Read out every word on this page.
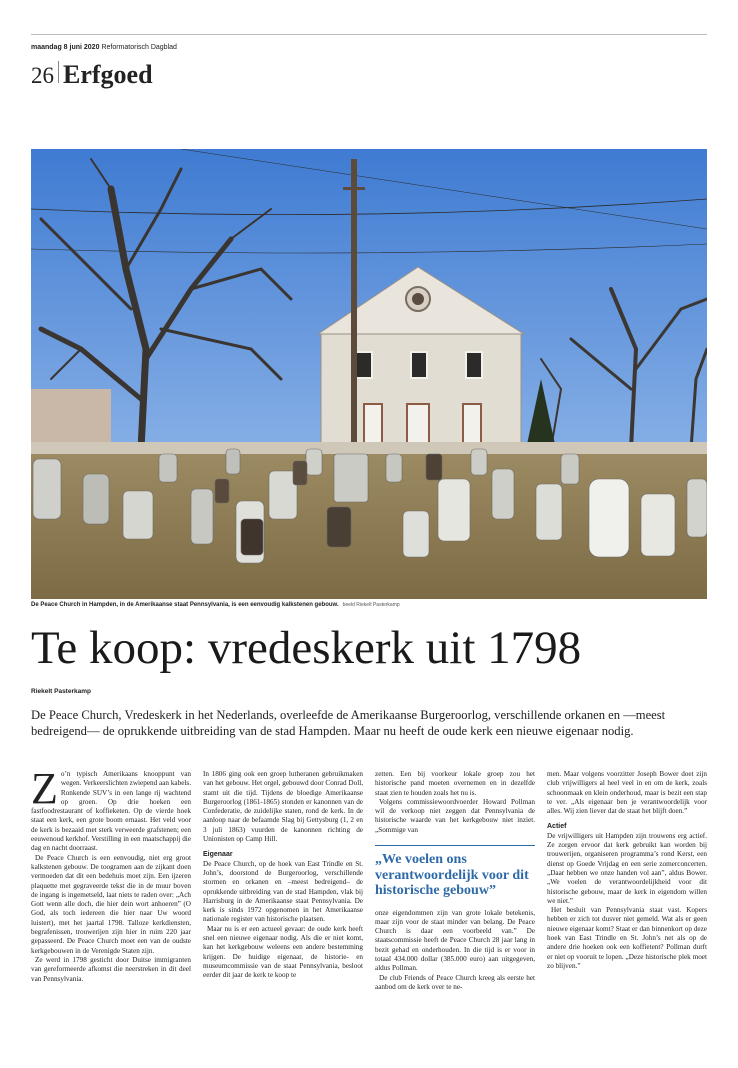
maandag 8 juni 2020 Reformatorisch Dagblad
26 Erfgoed
De Peace Church in Hampden, in de Amerikaanse staat Pennsylvania, is een eenvoudig kalkstenen gebouw. beeld Riekelt Pasterkamp
Te koop: vredeskerk uit 1798
Riekelt Pasterkamp
De Peace Church, Vredeskerk in het Nederlands, overleefde de Amerikaanse Burgeroorlog, verschillende orkanen en —meest bedreigend— de oprukkende uitbreiding van de stad Hampden. Maar nu heeft de oude kerk een nieuwe eigenaar nodig.

Zo’n typisch Amerikaans knooppunt van wegen. Verkeerslichten zwiepend aan kabels. Ronkende SUV’s in een lange rij wachtend op groen. Op drie hoeken een fastfoodrestaurant of koffieketen. Op de vierde hoek staat een kerk, een grote boom ernaast. Het veld voor de kerk is bezaaid met sterk verweerde grafstenen; een eeuwenoud kerkhof. Verstilling in een maatschappij die dag en nacht doorraast.

De Peace Church is een eenvoudig, niet erg groot kalkstenen gebouw. De toogramen aan de zijkant doen vermoeden dat dit een bedehuis moet zijn. Een ijzeren plaquette met gegraveerde tekst die in de muur boven de ingang is ingemetseld, laat niets te raden over: „Ach Gott wenn alle doch, die hier dein wort anhoeren” (O God, als toch iedereen die hier naar Uw woord luistert), met het jaartal 1798. Talloze kerkdiensten, begrafenissen, trouwerijen zijn hier in ruim 220 jaar gepasseerd. De Peace Church moet een van de oudste kerkgebouwen in de Verenigde Staten zijn.

Ze werd in 1798 gesticht door Duitse immigranten van gereformeerde afkomst die neerstreken in dit deel van Pennsylvania.

In 1806 ging ook een groep lutheranen gebruikmaken van het gebouw. Het orgel, gebouwd door Conrad Doll, stamt uit die tijd. Tijdens de bloedige Amerikaanse Burgeroorlog (1861-1865) stonden er kanonnen van de Confederatie, de zuidelijke staten, rond de kerk. In de aanloop naar de befaamde Slag bij Gettysburg (1, 2 en 3 juli 1863) vuurden de kanonnen richting de Unionisten op Camp Hill.

Eigenaar

De Peace Church, op de hoek van East Trindle en St. John’s, doorstond de Burgeroorlog, verschillende stormen en orkanen en –meest bedreigend– de oprukkende uitbreiding van de stad Hampden, vlak bij Harrisburg in de Amerikaanse staat Pennsylvania. De kerk is sinds 1972 opgenomen in het Amerikaanse nationale register van historische plaatsen.

Maar nu is er een actueel gevaar: de oude kerk heeft snel een nieuwe eigenaar nodig. Als die er niet komt, kan het kerkgebouw weleens een andere bestemming krijgen. De huidige eigenaar, de historie- en museumcommissie van de staat Pennsylvania, besloot eerder dit jaar de kerk te koop te

zetten. Een bij voorkeur lokale groep zou het historische pand moeten overnemen en in dezelfde staat zien te houden zoals het nu is.

Volgens commissiewoordvoerder Howard Pollman wil de verkoop niet zeggen dat Pennsylvania de historische waarde van het kerkgebouw niet inziet. „Sommige van

„We voelen ons verantwoordelijk voor dit historische gebouw”

onze eigendommen zijn van grote lokale betekenis, maar zijn voor de staat minder van belang. De Peace Church is daar een voorbeeld van.” De staatscommissie heeft de Peace Church 28 jaar lang in bezit gehad en onderhouden. In die tijd is er voor in totaal 434.000 dollar (385.000 euro) aan uitgegeven, aldus Pollman.

De club Friends of Peace Church kreeg als eerste het aanbod om de kerk over te ne-

men. Maar volgens voorzitter Joseph Bower doet zijn club vrijwilligers al heel veel in en om de kerk, zoals schoonmaak en klein onderhoud, maar is bezit een stap te ver. „Als eigenaar ben je verantwoordelijk voor alles. Wij zien liever dat de staat het blijft doen.”

Actief

De vrijwilligers uit Hampden zijn trouwens erg actief. Ze zorgen ervoor dat kerk gebruikt kan worden bij trouwerijen, organiseren programma’s rond Kerst, een dienst op Goede Vrijdag en een serie zomerconcerten. „Daar hebben we onze handen vol aan”, aldus Bower. „We voelen de verantwoordelijkheid voor dit historische gebouw, maar de kerk in eigendom willen we niet.”

Het besluit van Pennsylvania staat vast. Kopers hebben er zich tot dusver niet gemeld. Wat als er geen nieuwe eigenaar komt? Staat er dan binnenkort op deze hoek van East Trindle en St. John’s net als op de andere drie hoeken ook een koffietent? Pollman durft er niet op vooruit te lopen. „Deze historische plek moet zo blijven.”
